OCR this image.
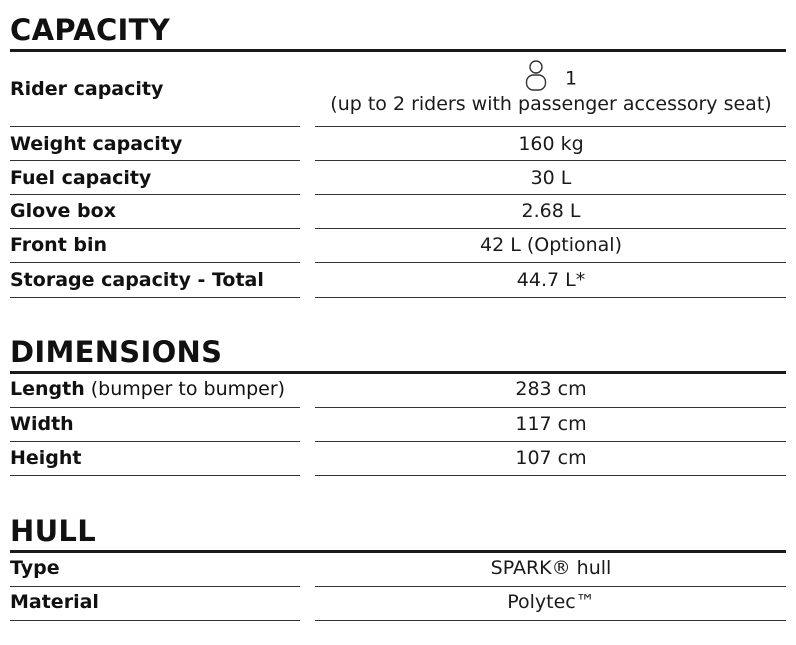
CAPACITY
Rider capacity	1
(up to 2 riders with passenger accessory seat)
Weight capacity	160 kg
Fuel capacity	30 L
Glove box	2.68 L
Front bin	42 L (Optional)
Storage capacity - Total	44.7 L*
DIMENSIONS
Length (bumper to bumper)	283 cm
Width	117 cm
Height	107 cm
HULL
Type	SPARK® hull
Material	Polytec™
